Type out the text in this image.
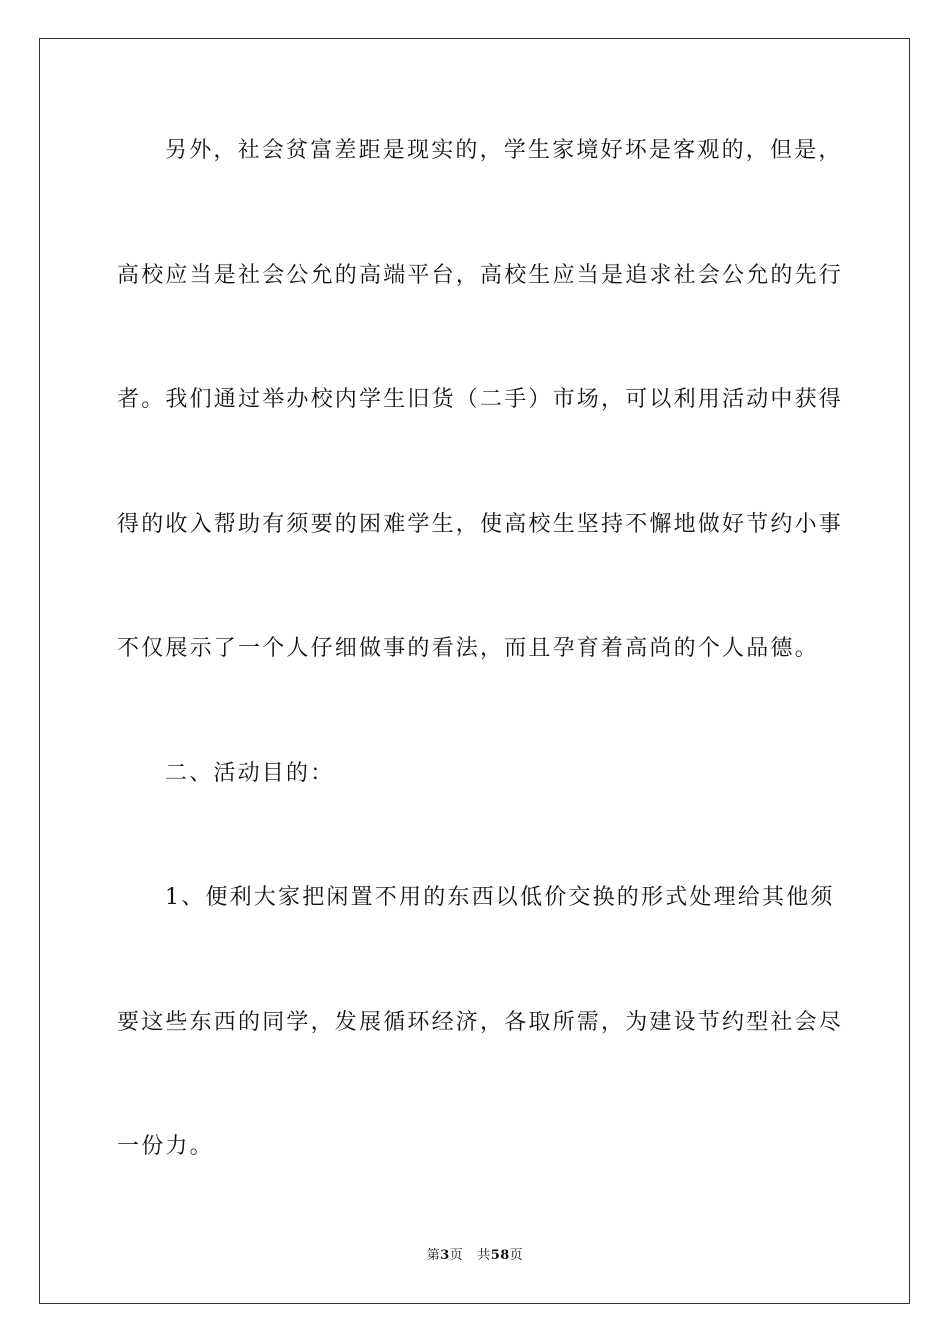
另外，社会贫富差距是现实的，学生家境好坏是客观的，但是，
高校应当是社会公允的高端平台，高校生应当是追求社会公允的先行
者。我们通过举办校内学生旧货（二手）市场，可以利用活动中获得
得的收入帮助有须要的困难学生，使高校生坚持不懈地做好节约小事
不仅展示了一个人仔细做事的看法，而且孕育着高尚的个人品德。
二、活动目的：
1、便利大家把闲置不用的东西以低价交换的形式处理给其他须
要这些东西的同学，发展循环经济，各取所需，为建设节约型社会尽
一份力。
第3页 共58页
